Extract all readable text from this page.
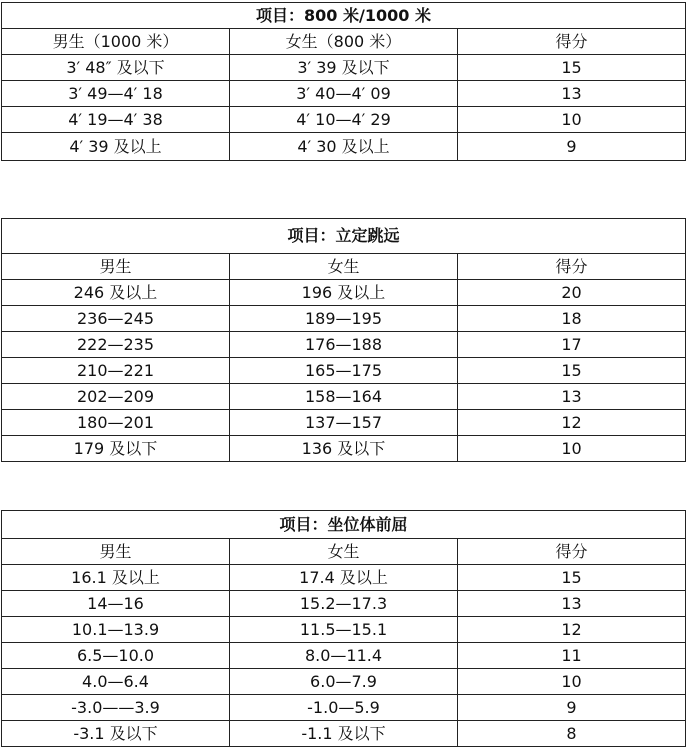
项目：800 米/1000 米		
男生（1000 米）	女生（800 米）	得分
3′ 48″ 及以下	3′ 39 及以下	15
3′ 49—4′ 18	3′ 40—4′ 09	13
4′ 19—4′ 38	4′ 10—4′ 29	10
4′ 39 及以上	4′ 30 及以上	9
项目：立定跳远		
男生	女生	得分
246 及以上	196 及以上	20
236—245	189—195	18
222—235	176—188	17
210—221	165—175	15
202—209	158—164	13
180—201	137—157	12
179 及以下	136 及以下	10
项目：坐位体前屈		
男生	女生	得分
16.1 及以上	17.4 及以上	15
14—16	15.2—17.3	13
10.1—13.9	11.5—15.1	12
6.5—10.0	8.0—11.4	11
4.0—6.4	6.0—7.9	10
-3.0——3.9	-1.0—5.9	9
-3.1 及以下	-1.1 及以下	8
